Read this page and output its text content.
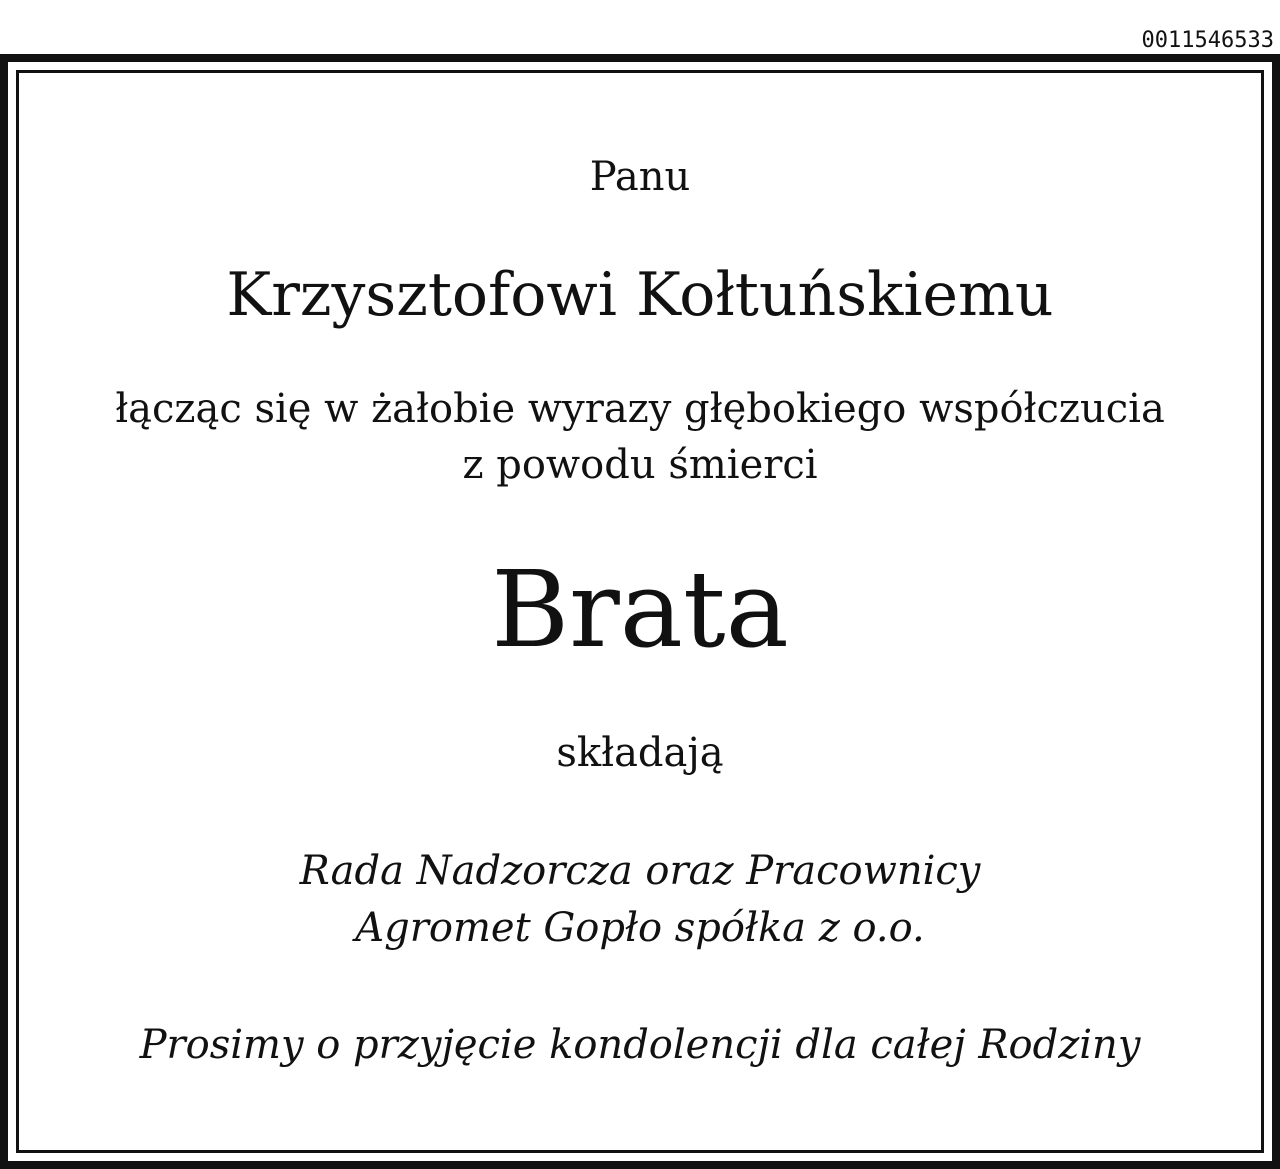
0011546533
Panu
Krzysztofowi Kołtuńskiemu
łącząc się w żałobie wyrazy głębokiego współczucia
z powodu śmierci
Brata
składają
Rada Nadzorcza oraz Pracownicy
Agromet Gopło spółka z o.o.
Prosimy o przyjęcie kondolencji dla całej Rodziny
